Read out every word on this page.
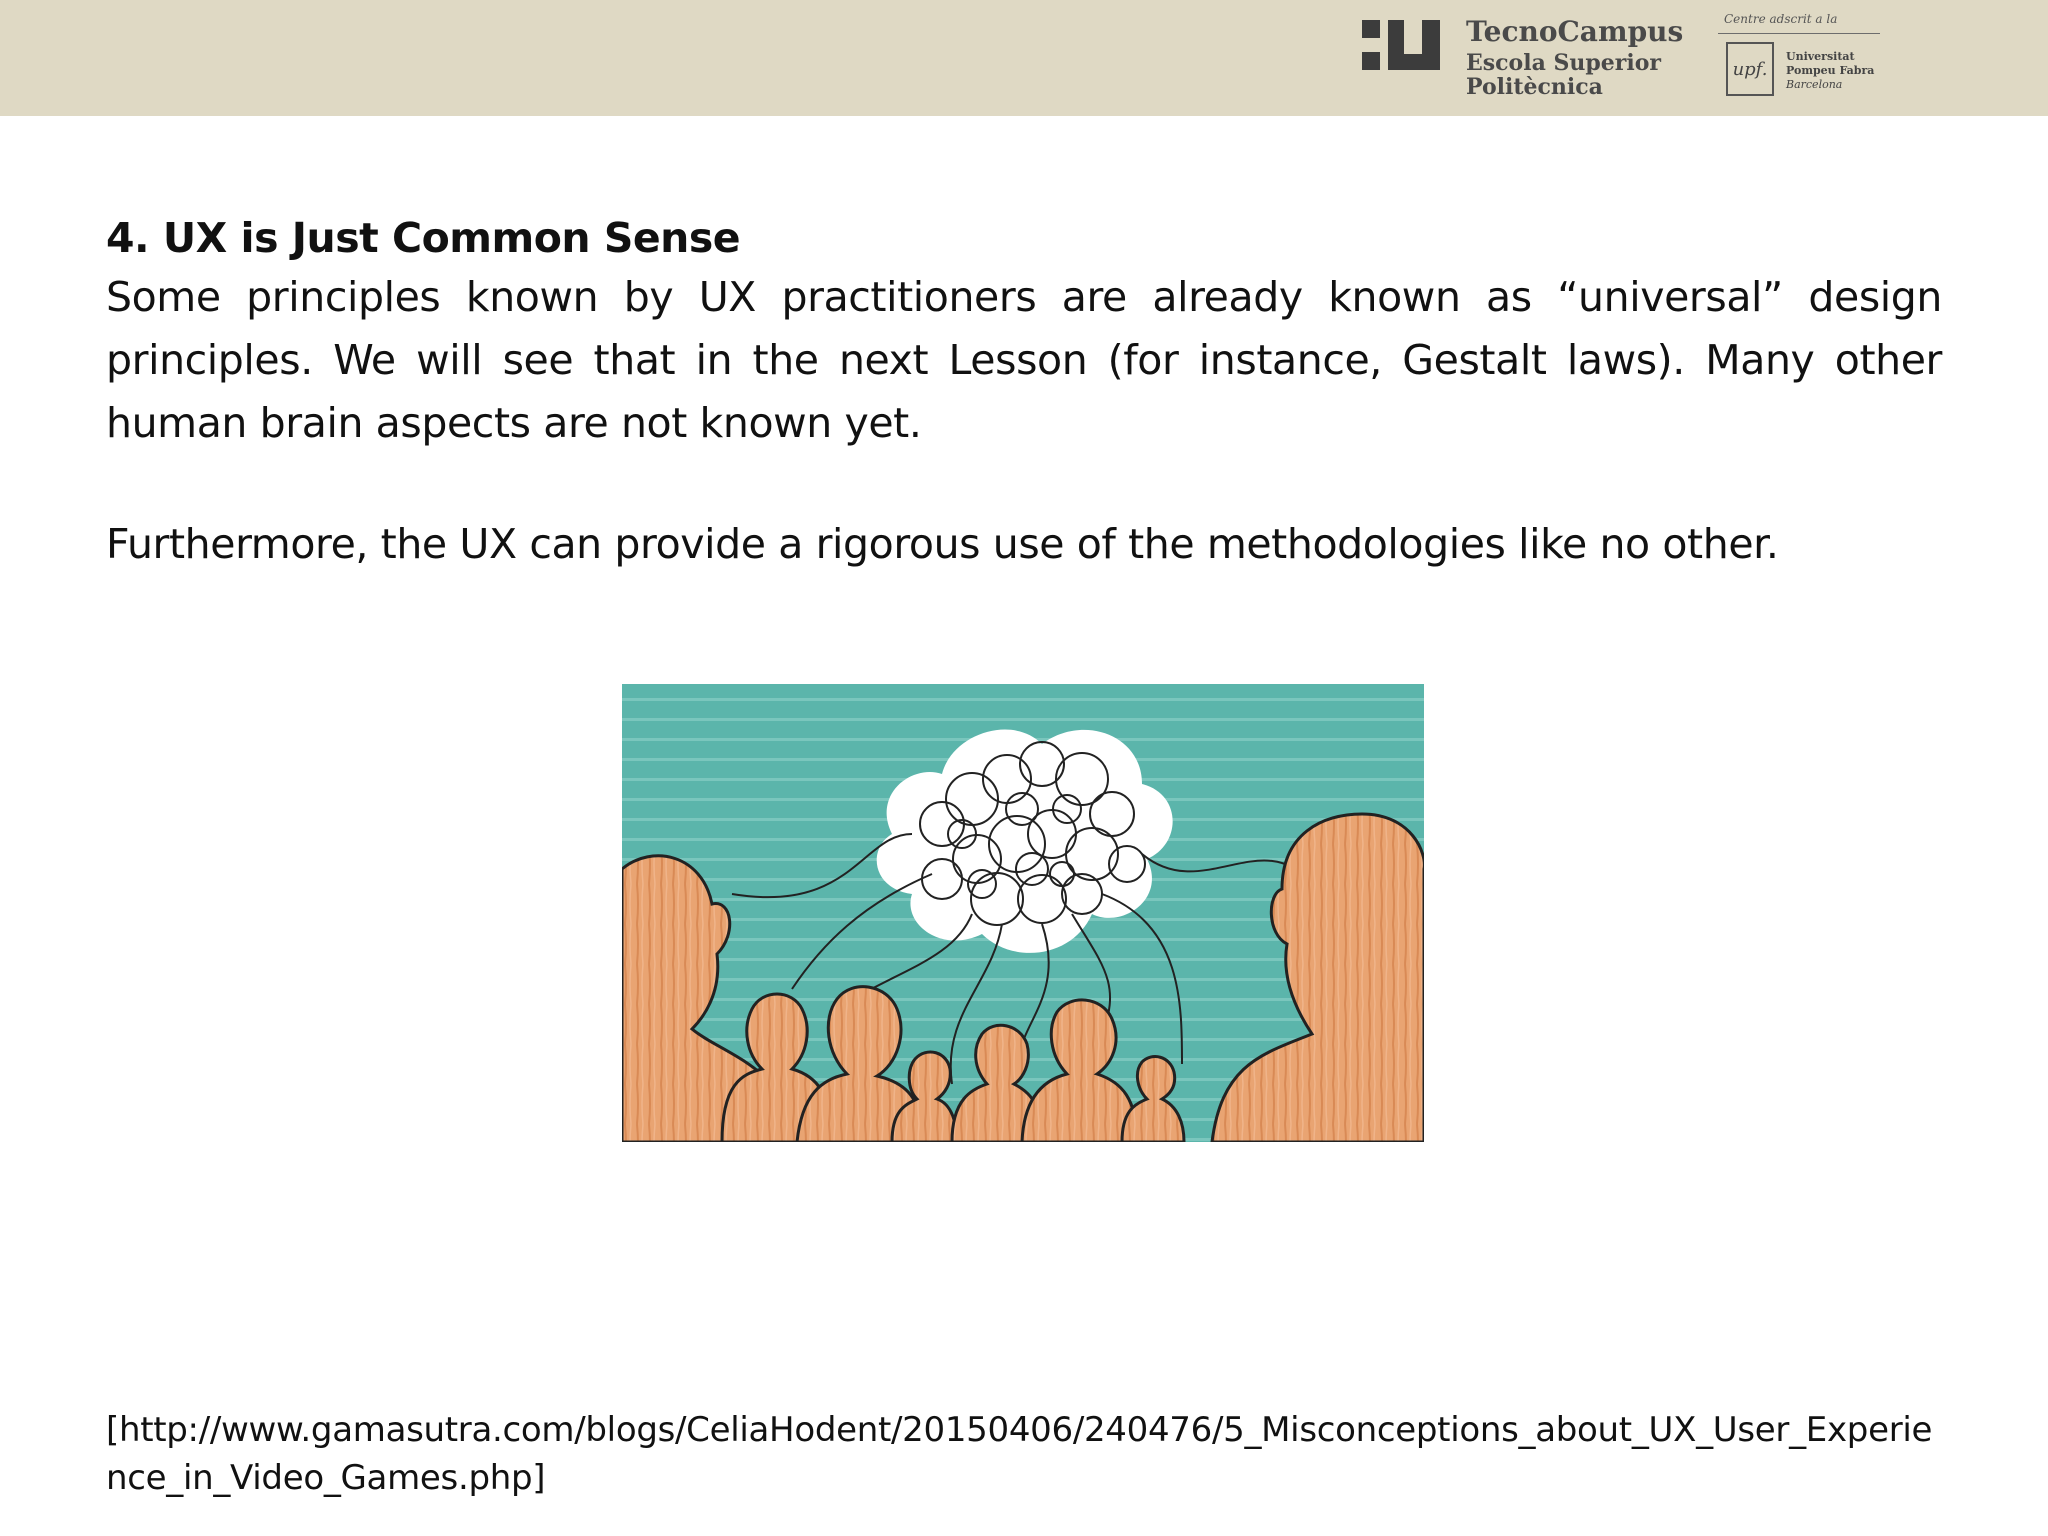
TecnoCampus
Escola Superior
Politècnica
Centre adscrit a la
upf.
Universitat
Pompeu Fabra
Barcelona
4. UX is Just Common Sense

Some principles known by UX practitioners are already known as “universal” design principles. We will see that in the next Lesson (for instance, Gestalt laws). Many other human brain aspects are not known yet.

Furthermore, the UX can provide a rigorous use of the methodologies like no other.

[http://www.gamasutra.com/blogs/CeliaHodent/20150406/240476/5_Misconceptions_about_UX_User_Experience_in_Video_Games.php]
